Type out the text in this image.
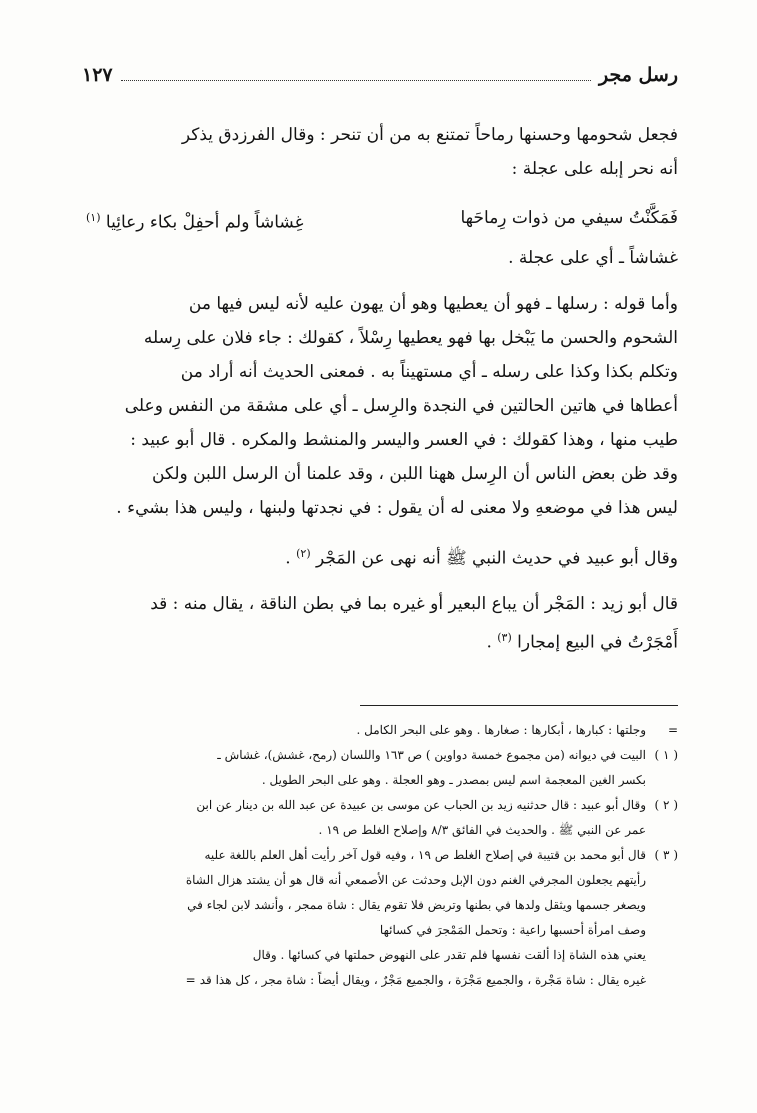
رسل مجر
١٢٧

فجعل شحومها وحسنها رماحاً تمتنع به من أن تنحر : وقال الفرزدق يذكر

أنه نحر إبله على عجلة :

فَمَكَّنْتُ سيفي من ذوات رِماحَها
غِشاشاً ولم أحفِلْ بكاء رعائِيا $^{(١)}$

غشاشاً ـ أي على عجلة .

وأما قوله : رسلها ـ فهو أن يعطيها وهو أن يهون عليه لأنه ليس فيها من

الشحوم والحسن ما يَبْخل بها فهو يعطيها رِسْلاً ، كقولك : جاء فلان على رِسله

وتكلم بكذا وكذا على رسله ـ أي مستهيناً به . فمعنى الحديث أنه أراد من

أعطاها في هاتين الحالتين في النجدة والرِسل ـ أي على مشقة من النفس وعلى

طيب منها ، وهذا كقولك : في العسر واليسر والمنشط والمكره . قال أبو عبيد :

وقد ظن بعض الناس أن الرِسل ههنا اللبن ، وقد علمنا أن الرسل اللبن ولكن

ليس هذا في موضعهِ ولا معنى له أن يقول : في نجدتها ولبنها ، وليس هذا بشيء .

وقال أبو عبيد في حديث النبي ﷺ أنه نهى عن المَجْر $^{(٢)}$ .

قال أبو زيد : المَجْر أن يباع البعير أو غيره بما في بطن الناقة ، يقال منه : قد

أَمْجَرْتُ في البيع إمجارا $^{(٣)}$ .

=
وجلتها : كبارها ، أبكارها : صغارها . وهو على البحر الكامل .
( ١ )
البيت في ديوانه (من مجموع خمسة دواوين ) ص ١٦٣ واللسان (رمح، غشش)، غشاش ـ
بكسر الغين المعجمة اسم ليس بمصدر ـ وهو العجلة . وهو على البحر الطويل .
( ٢ )
وقال أبو عبيد : قال حدثنيه زيد بن الحباب عن موسى بن عبيدة عن عبد الله بن دينار عن ابن
عمر عن النبي ﷺ . والحديث في الفائق ٨/٣ وإصلاح الغلط ص ١٩ .
( ٣ )
قال أبو محمد بن قتيبة في إصلاح الغلط ص ١٩ ، وفيه قول آخر رأيت أهل العلم باللغة عليه
رأيتهم يجعلون المجرفي الغنم دون الإبل وحدثت عن الأصمعي أنه قال هو أن يشتد هزال الشاة
ويصغر جسمها ويثقل ولدها في بطنها وتربض فلا تقوم يقال : شاة ممجر ، وأنشد لابن لجاء في
وصف امرأة أحسبها راعية : وتحمل المَمْجرَ في كسائها
يعني هذه الشاة إذا ألقت نفسها فلم تقدر على النهوض حملتها في كسائها . وقال
غيره يقال : شاة مَجْرة ، والجميع مَجْرَة ، والجميع مَجْرٌ ، ويقال أيضاً : شاة مجر ، كل هذا قد=
